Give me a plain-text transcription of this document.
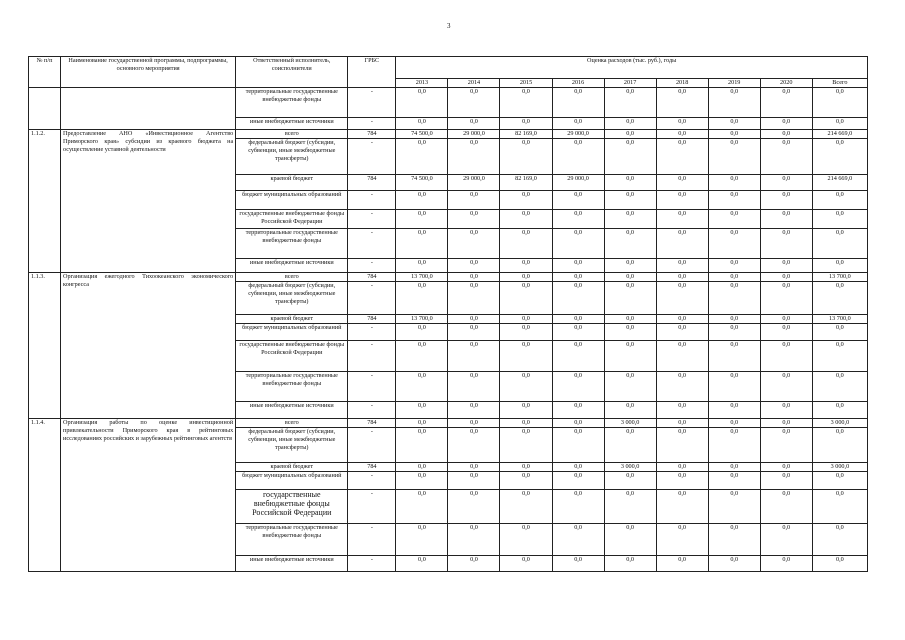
3
№ п/п	Наименование государственной программы, подпрограммы, основного мероприятия	Ответственный исполнитель, соисполнители	ГРБС	Оценка расходов (тыс. руб.), годы								
				2013	2014	2015	2016	2017	2018	2019	2020	Всего
		территориальные государственные внебюджетные фонды	-	0,0	0,0	0,0	0,0	0,0	0,0	0,0	0,0	0,0
		иные внебюджетные источники	-	0,0	0,0	0,0	0,0	0,0	0,0	0,0	0,0	0,0
1.1.2.	Предоставление АНО «Инвестиционное Агентство Приморского края» субсидии из краевого бюджета на осуществление уставной деятельности	всего	784	74 500,0	29 000,0	82 169,0	29 000,0	0,0	0,0	0,0	0,0	214 669,0
		федеральный бюджет (субсидии, субвенции, иные межбюджетные трансферты)	-	0,0	0,0	0,0	0,0	0,0	0,0	0,0	0,0	0,0
		краевой бюджет	784	74 500,0	29 000,0	82 169,0	29 000,0	0,0	0,0	0,0	0,0	214 669,0
		бюджет муниципальных образований	-	0,0	0,0	0,0	0,0	0,0	0,0	0,0	0,0	0,0
		государственные внебюджетные фонды Российской Федерации	-	0,0	0,0	0,0	0,0	0,0	0,0	0,0	0,0	0,0
		территориальные государственные внебюджетные фонды	-	0,0	0,0	0,0	0,0	0,0	0,0	0,0	0,0	0,0
		иные внебюджетные источники	-	0,0	0,0	0,0	0,0	0,0	0,0	0,0	0,0	0,0
1.1.3.	Организация ежегодного Тихоокеанского экономического конгресса	всего	784	13 700,0	0,0	0,0	0,0	0,0	0,0	0,0	0,0	13 700,0
		федеральный бюджет (субсидии, субвенции, иные межбюджетные трансферты)	-	0,0	0,0	0,0	0,0	0,0	0,0	0,0	0,0	0,0
		краевой бюджет	784	13 700,0	0,0	0,0	0,0	0,0	0,0	0,0	0,0	13 700,0
		бюджет муниципальных образований	-	0,0	0,0	0,0	0,0	0,0	0,0	0,0	0,0	0,0
		государственные внебюджетные фонды Российской Федерации	-	0,0	0,0	0,0	0,0	0,0	0,0	0,0	0,0	0,0
		территориальные государственные внебюджетные фонды	-	0,0	0,0	0,0	0,0	0,0	0,0	0,0	0,0	0,0
		иные внебюджетные источники	-	0,0	0,0	0,0	0,0	0,0	0,0	0,0	0,0	0,0
1.1.4.	Организация работы по оценке инвестиционной привлекательности Приморского края в рейтинговых исследованиях российских и зарубежных рейтинговых агентств	всего	784	0,0	0,0	0,0	0,0	3 000,0	0,0	0,0	0,0	3 000,0
		федеральный бюджет (субсидии, субвенции, иные межбюджетные трансферты)	-	0,0	0,0	0,0	0,0	0,0	0,0	0,0	0,0	0,0
		краевой бюджет	784	0,0	0,0	0,0	0,0	3 000,0	0,0	0,0	0,0	3 000,0
		бюджет муниципальных образований	-	0,0	0,0	0,0	0,0	0,0	0,0	0,0	0,0	0,0
		государственные внебюджетные фонды Российской Федерации	-	0,0	0,0	0,0	0,0	0,0	0,0	0,0	0,0	0,0
		территориальные государственные внебюджетные фонды	-	0,0	0,0	0,0	0,0	0,0	0,0	0,0	0,0	0,0
		иные внебюджетные источники	-	0,0	0,0	0,0	0,0	0,0	0,0	0,0	0,0	0,0
